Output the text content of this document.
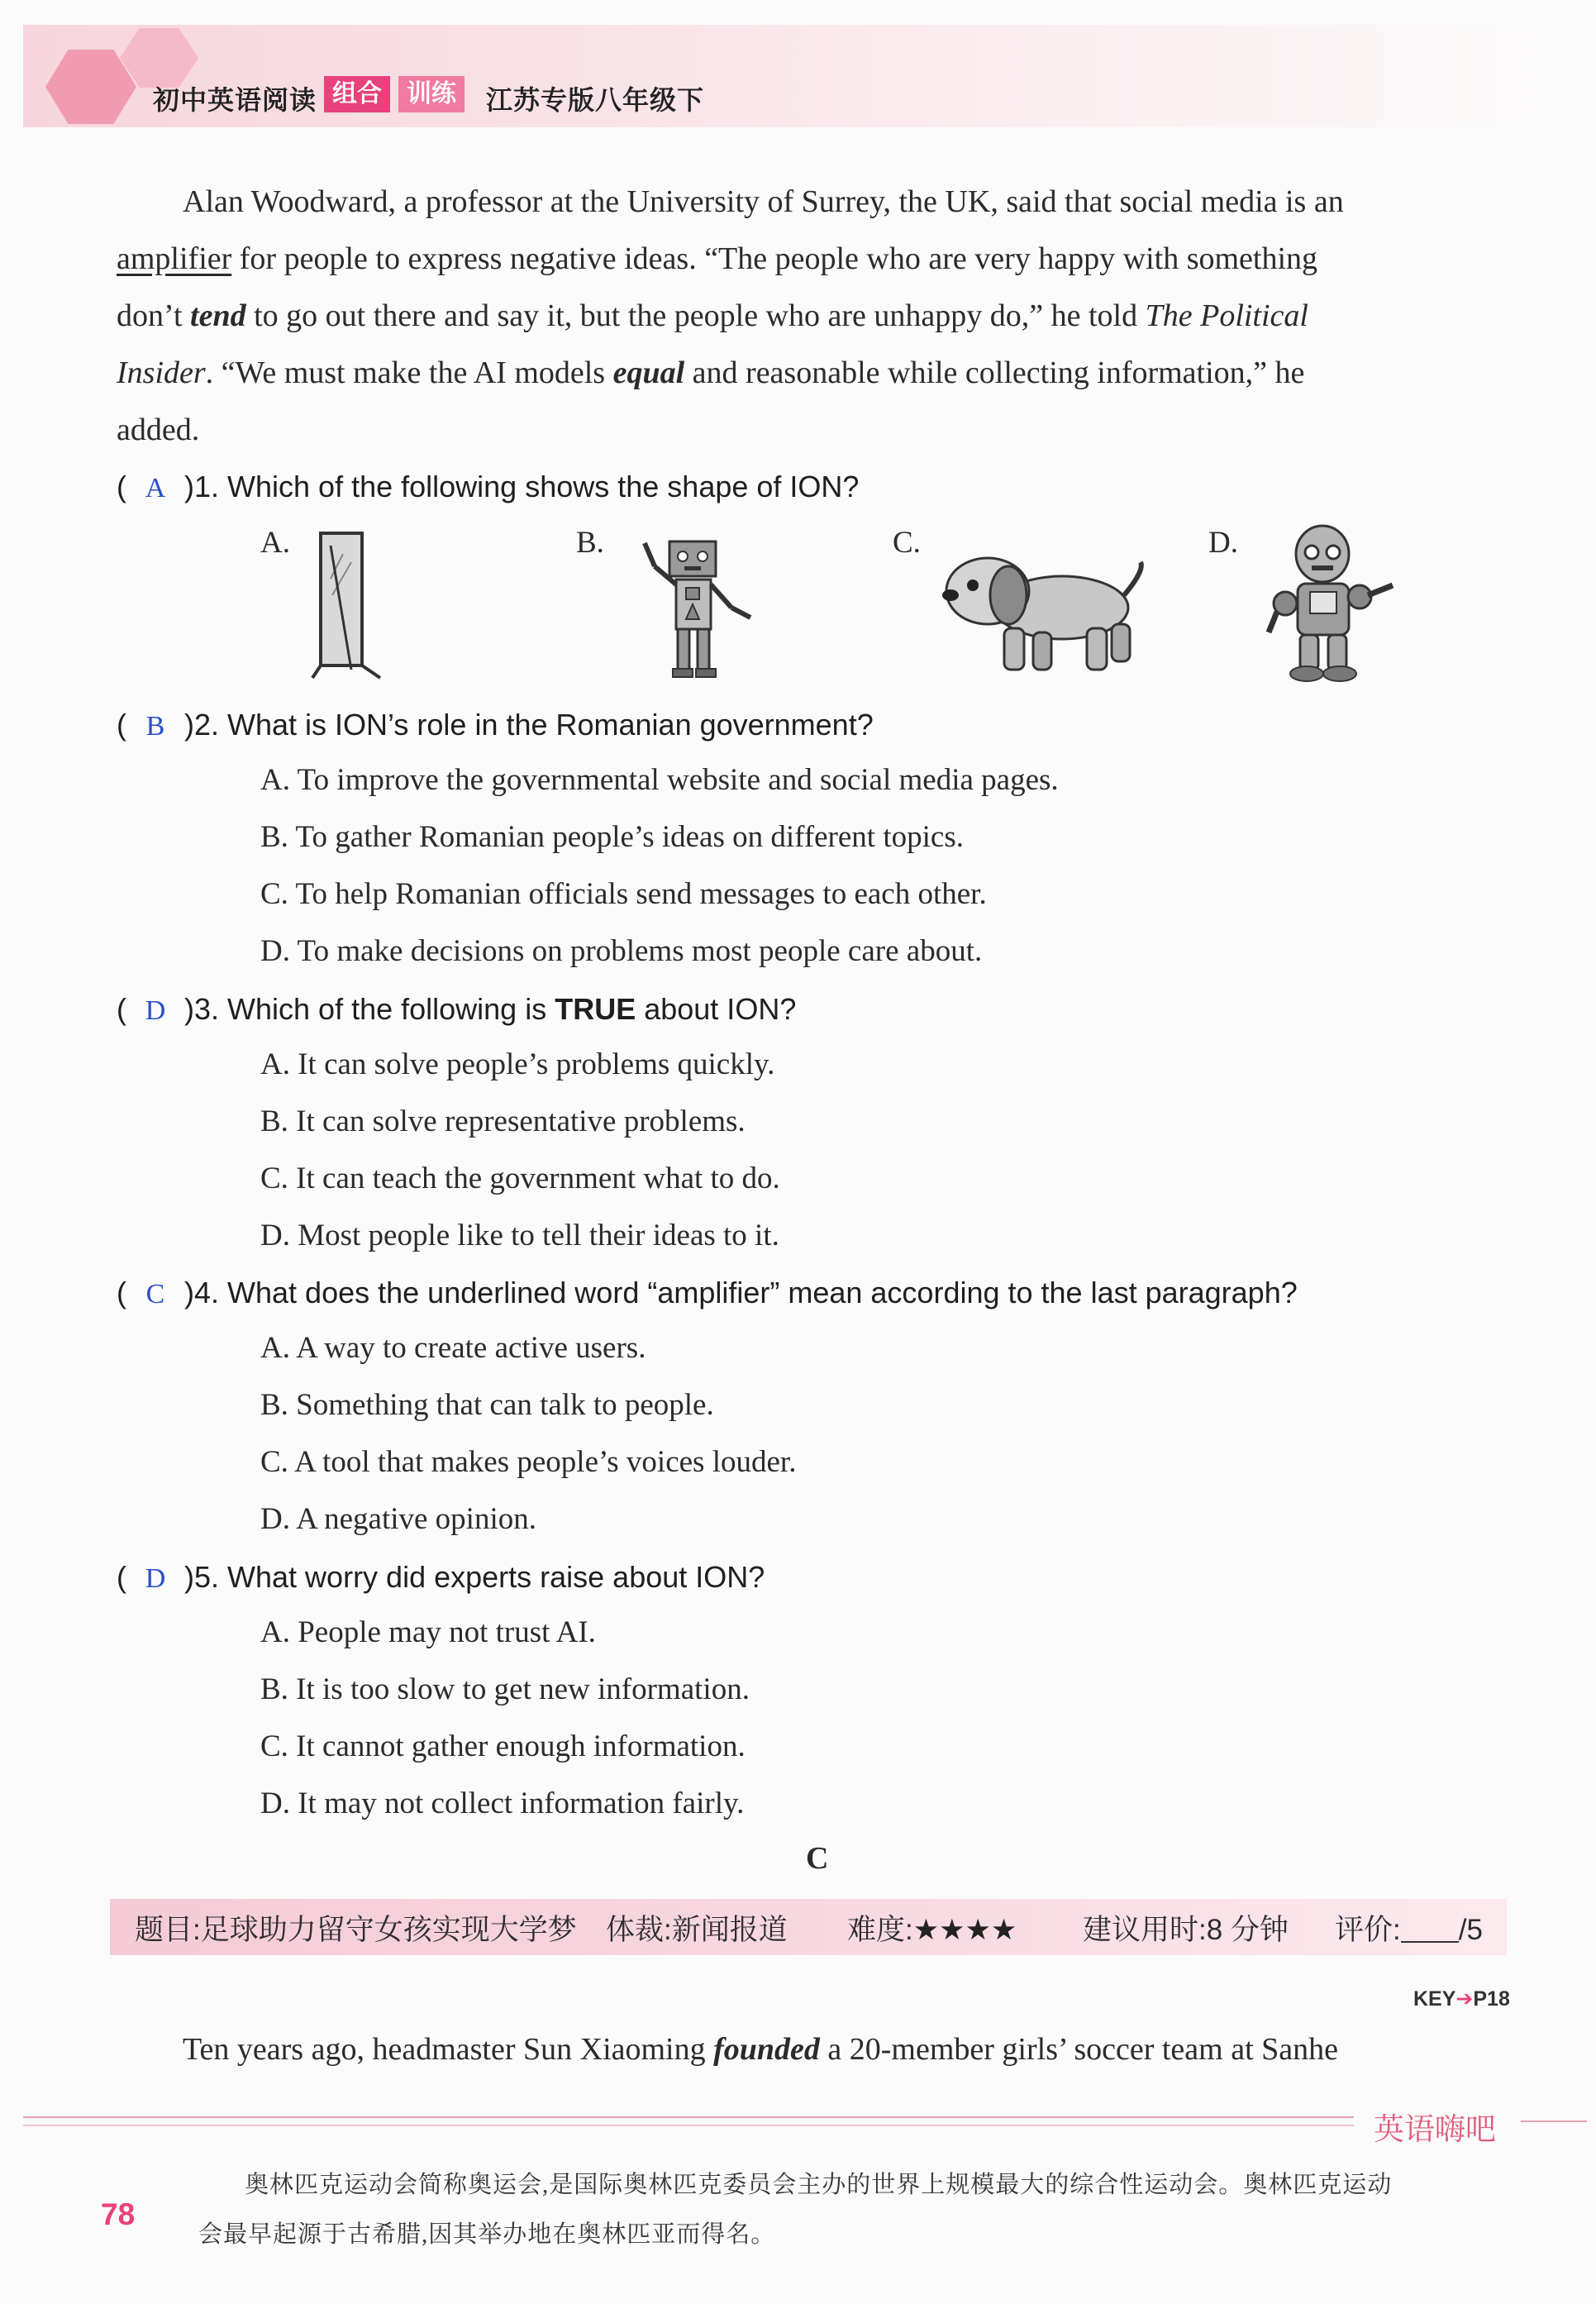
初中英语阅读 组合	训练	江苏专版八年级下
Alan Woodward, a professor at the University of Surrey, the UK, said that social media is an
amplifier for people to express negative ideas. “The people who are very happy with something
don’t tend to go out there and say it, but the people who are unhappy do,” he told The Political
Insider. “We must make the AI models equal and reasonable while collecting information,” he
added.
( A )1. Which of the following shows the shape of ION?
A.	B.	C.	D.
( B )2. What is ION’s role in the Romanian government?
A. To improve the governmental website and social media pages.
B. To gather Romanian people’s ideas on different topics.
C. To help Romanian officials send messages to each other.
D. To make decisions on problems most people care about.
( D )3. Which of the following is TRUE about ION?
A. It can solve people’s problems quickly.
B. It can solve representative problems.
C. It can teach the government what to do.
D. Most people like to tell their ideas to it.
( C )4. What does the underlined word “amplifier” mean according to the last paragraph?
A. A way to create active users.
B. Something that can talk to people.
C. A tool that makes people’s voices louder.
D. A negative opinion.
( D )5. What worry did experts raise about ION?
A. People may not trust AI.
B. It is too slow to get new information.
C. It cannot gather enough information.
D. It may not collect information fairly.
C
题目:足球助力留守女孩实现大学梦 体裁:新闻报道 难度:★★★★ 建议用时:8 分钟 评价: /5
KEY➔P18
Ten years ago, headmaster Sun Xiaoming founded a 20-member girls’ soccer team at Sanhe
英语嗨吧
78
奥林匹克运动会简称奥运会,是国际奥林匹克委员会主办的世界上规模最大的综合性运动会。奥林匹克运动
会最早起源于古希腊,因其举办地在奥林匹亚而得名。
